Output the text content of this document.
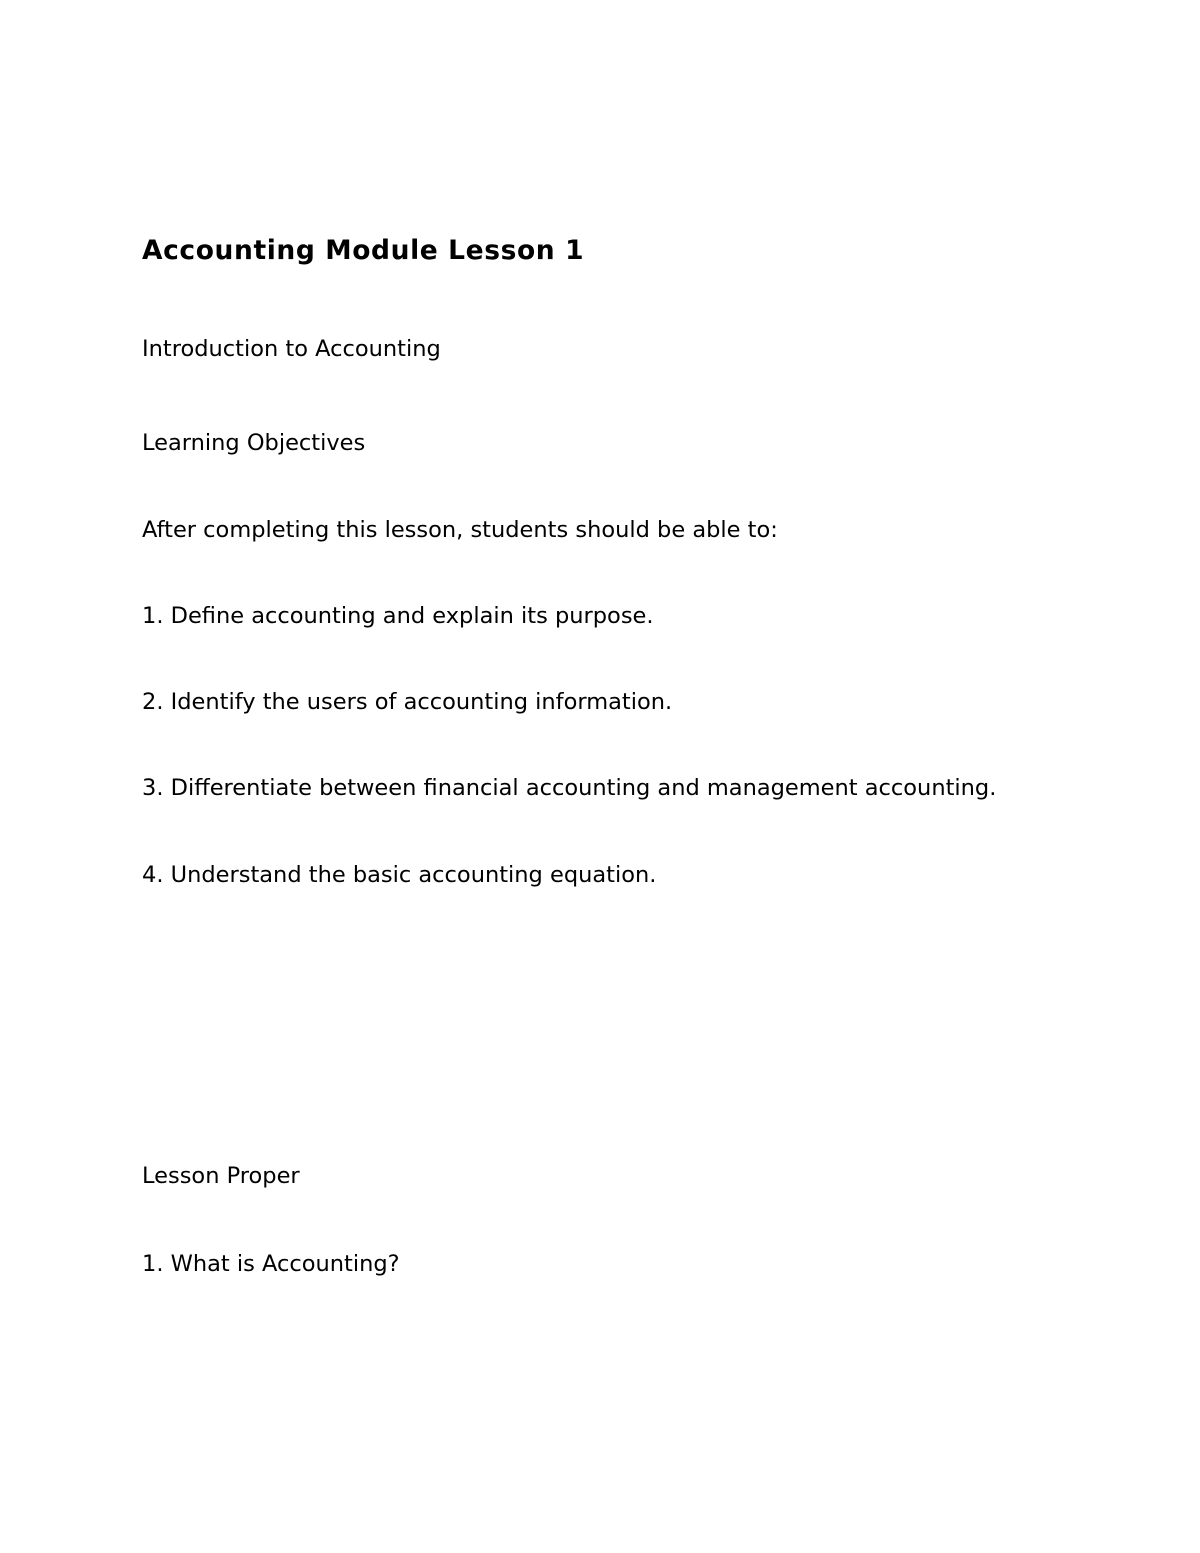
Accounting Module Lesson 1

Introduction to Accounting

Learning Objectives

After completing this lesson, students should be able to:

1. Define accounting and explain its purpose.

2. Identify the users of accounting information.

3. Differentiate between financial accounting and management accounting.

4. Understand the basic accounting equation.

Lesson Proper

1. What is Accounting?
